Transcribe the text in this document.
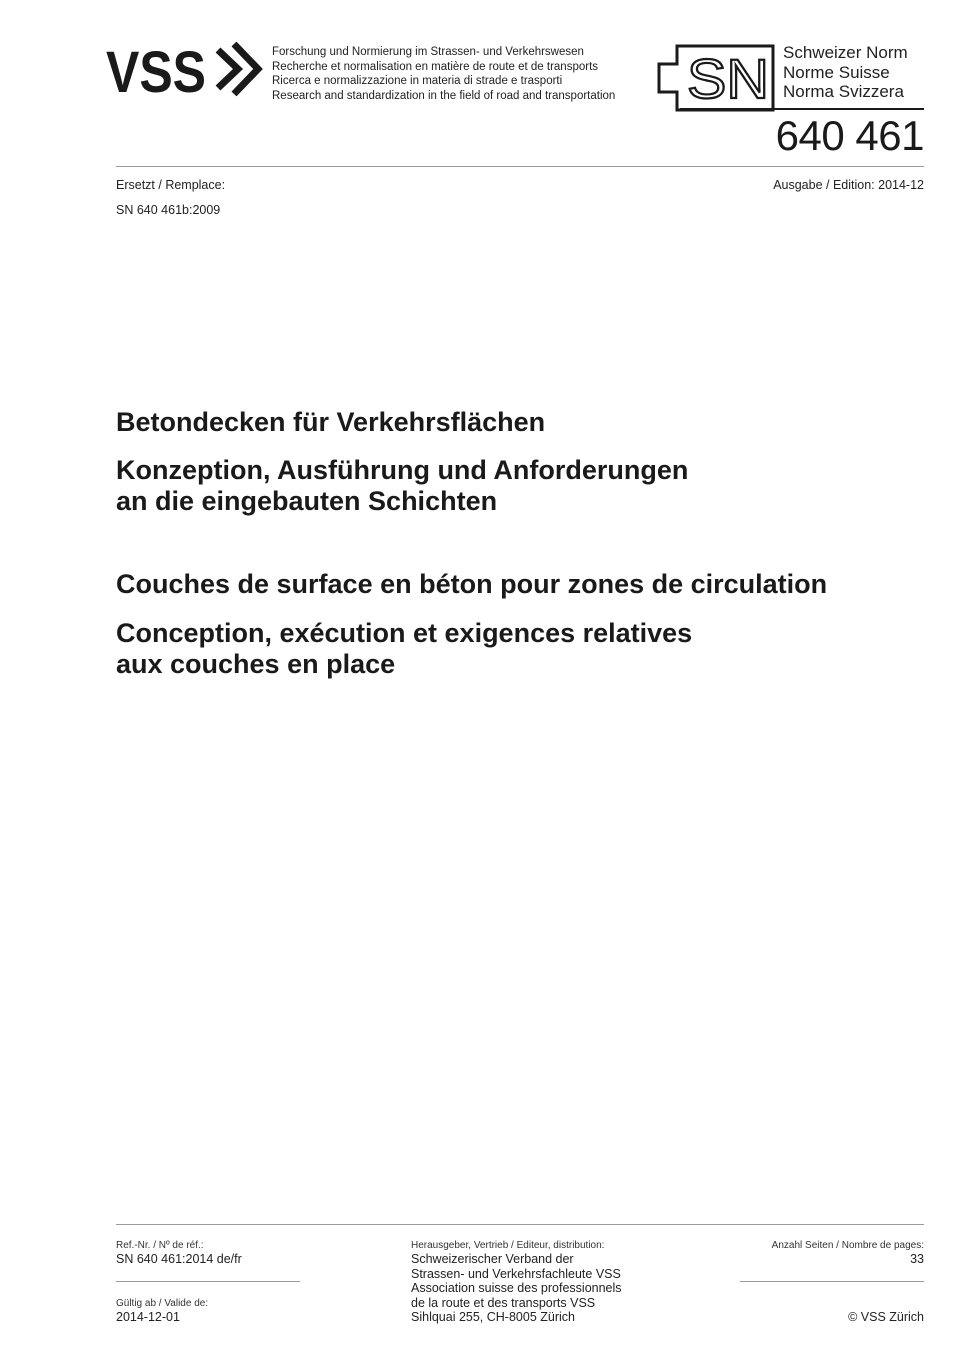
VSS	Forschung und Normierung im Strassen- und Verkehrswesen
Recherche et normalisation en matière de route et de transports
Ricerca e normalizzazione in materia di strade e trasporti
Research and standardization in the field of road and transportation SN Schweizer Norm
Norme Suisse
Norma Svizzera
640 461
Ersetzt / Remplace:
SN 640 461b:2009
Ausgabe / Edition: 2014-12
Betondecken für Verkehrsflächen
Konzeption, Ausführung und Anforderungen
an die eingebauten Schichten
Couches de surface en béton pour zones de circulation
Conception, exécution et exigences relatives
aux couches en place
Ref.-Nr. / Nº de réf.:
SN 640 461:2014 de/fr
Gültig ab / Valide de:
2014-12-01
Herausgeber, Vertrieb / Editeur, distribution:
Schweizerischer Verband der
Strassen- und Verkehrsfachleute VSS
Association suisse des professionnels
de la route et des transports VSS
Sihlquai 255, CH-8005 Zürich
Anzahl Seiten / Nombre de pages:
33
© VSS Zürich
